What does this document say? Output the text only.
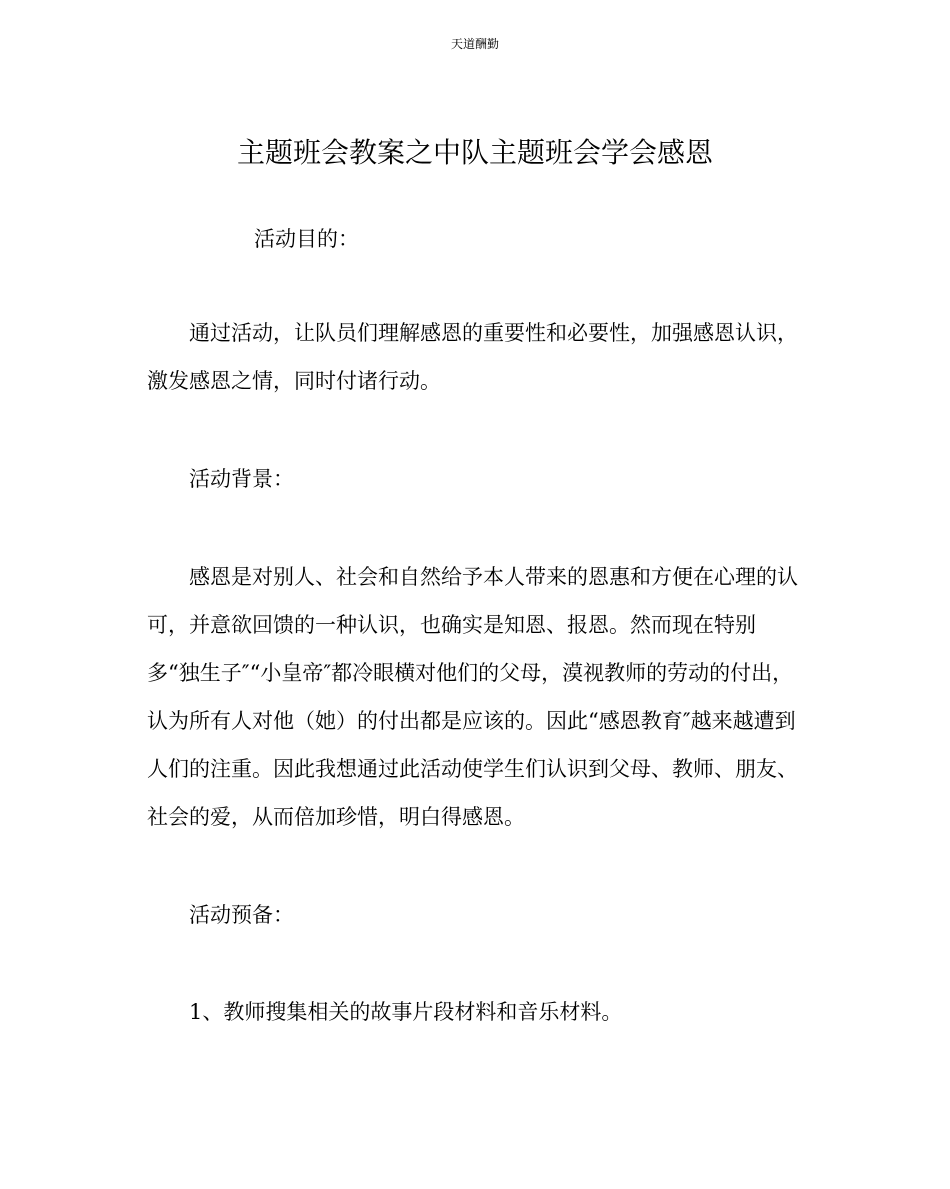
天道酬勤
主题班会教案之中队主题班会学会感恩
活动目的：

通过活动，让队员们理解感恩的重要性和必要性，加强感恩认识，激发感恩之情，同时付诸行动。

活动背景：

感恩是对别人、社会和自然给予本人带来的恩惠和方便在心理的认可，并意欲回馈的一种认识，也确实是知恩、报恩。然而现在特别多“独生子″“小皇帝″都冷眼横对他们的父母，漠视教师的劳动的付出，认为所有人对他（她）的付出都是应该的。因此“感恩教育″越来越遭到人们的注重。因此我想通过此活动使学生们认识到父母、教师、朋友、社会的爱，从而倍加珍惜，明白得感恩。

活动预备：

1、教师搜集相关的故事片段材料和音乐材料。
